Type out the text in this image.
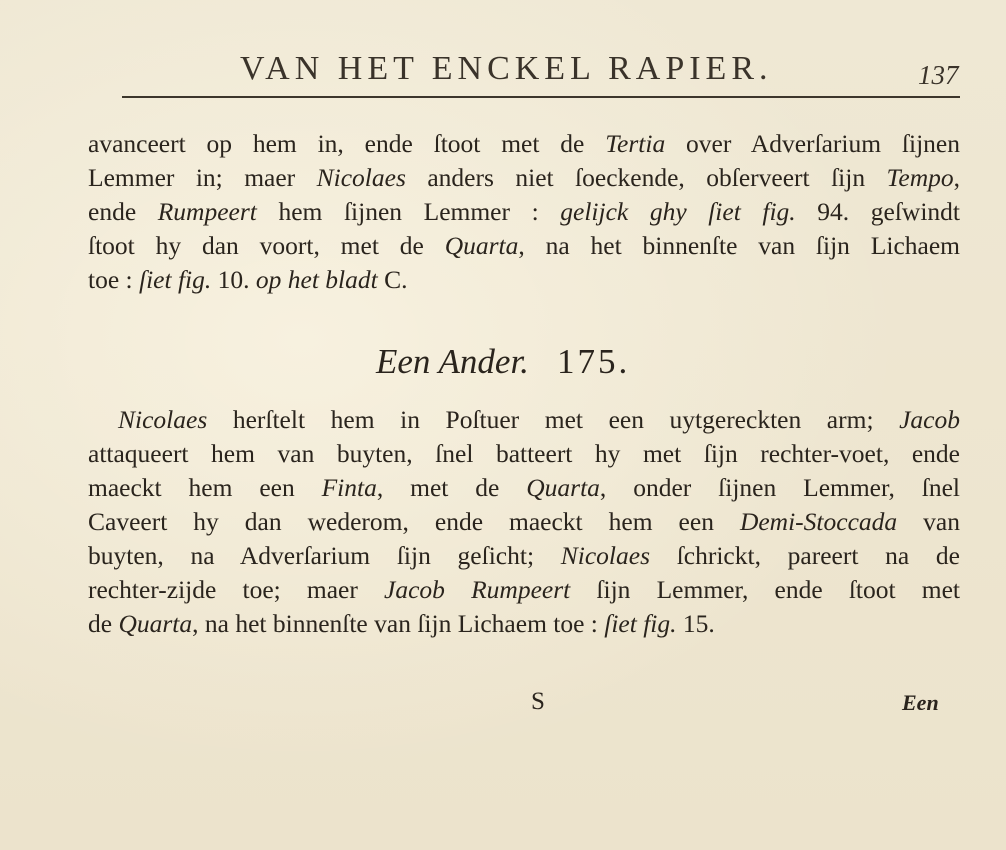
VAN HET ENCKEL RAPIER.	137

avanceert op hem in, ende ſtoot met de Tertia over Adverſarium ſijnen
Lemmer in; maer Nicolaes anders niet ſoeckende, obſerveert ſijn Tempo,
ende Rumpeert hem ſijnen Lemmer : gelijck ghy ſiet fig. 94. geſwindt
ſtoot hy dan voort, met de Quarta, na het binnenſte van ſijn Lichaem
toe : ſiet fig. 10. op het bladt C.

Een Ander. 175.

Nicolaes herſtelt hem in Poſtuer met een uytgereckten arm; Jacob
attaqueert hem van buyten, ſnel batteert hy met ſijn rechter-voet, ende
maeckt hem een Finta, met de Quarta, onder ſijnen Lemmer, ſnel
Caveert hy dan wederom, ende maeckt hem een Demi-Stoccada van
buyten, na Adverſarium ſijn geſicht; Nicolaes ſchrickt, pareert na de
rechter-zijde toe; maer Jacob Rumpeert ſijn Lemmer, ende ſtoot met
de Quarta, na het binnenſte van ſijn Lichaem toe : ſiet fig. 15.

S	Een
